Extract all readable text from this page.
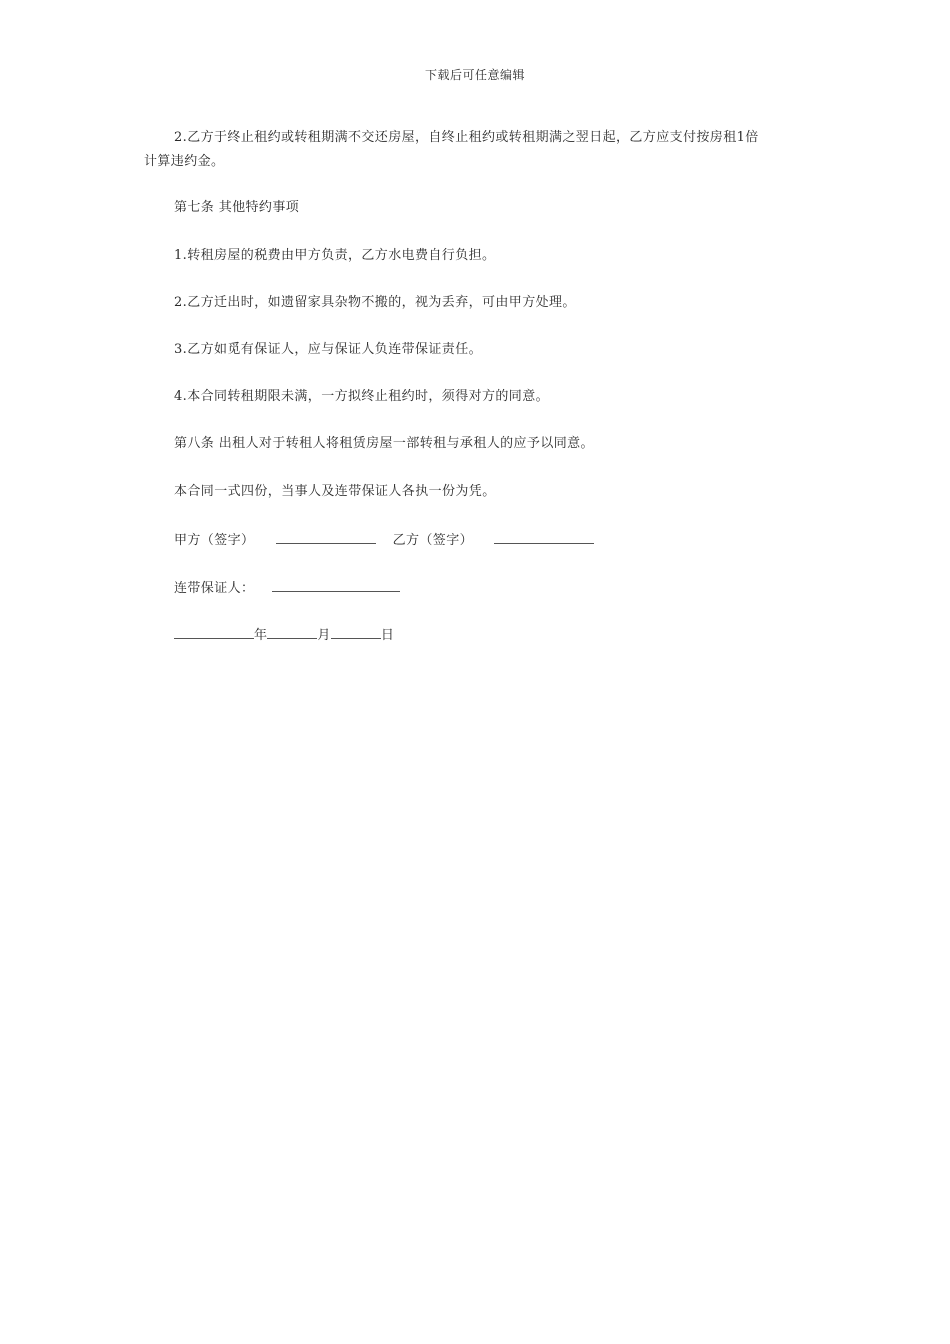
下载后可任意编辑
2.乙方于终止租约或转租期满不交还房屋，自终止租约或转租期满之翌日起，乙方应支付按房租1倍
计算违约金。
第七条 其他特约事项
1.转租房屋的税费由甲方负责，乙方水电费自行负担。
2.乙方迁出时，如遗留家具杂物不搬的，视为丢弃，可由甲方处理。
3.乙方如觅有保证人，应与保证人负连带保证责任。
4.本合同转租期限未满，一方拟终止租约时，须得对方的同意。
第八条 出租人对于转租人将租赁房屋一部转租与承租人的应予以同意。
本合同一式四份，当事人及连带保证人各执一份为凭。
甲方（签字）	乙方（签字）
连带保证人：
年	月	日
